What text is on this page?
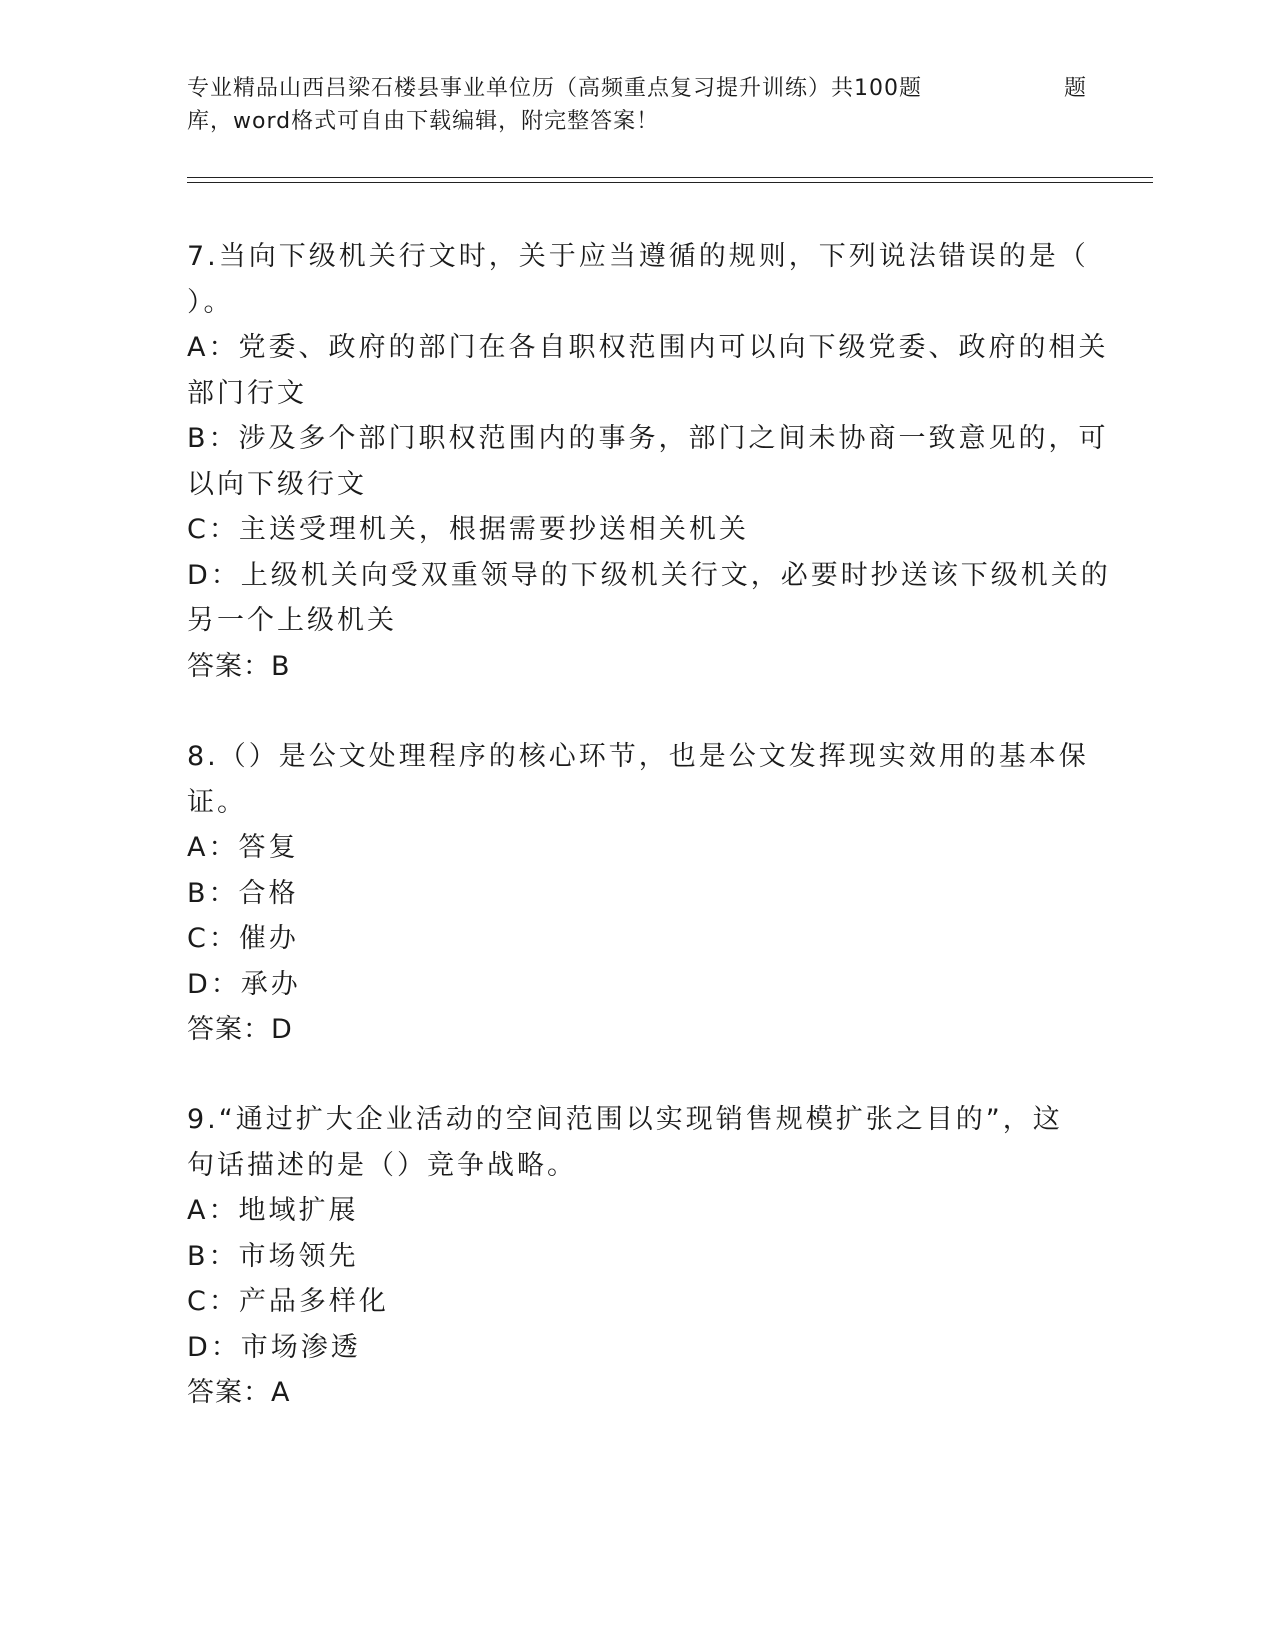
专业精品山西吕梁石楼县事业单位历（高频重点复习提升训练）共100题	题
库，word格式可自由下载编辑，附完整答案！

7.当向下级机关行文时，关于应当遵循的规则，下列说法错误的是（

）。

A：党委、政府的部门在各自职权范围内可以向下级党委、政府的相关

部门行文

B：涉及多个部门职权范围内的事务，部门之间未协商一致意见的，可

以向下级行文

C：主送受理机关，根据需要抄送相关机关

D：上级机关向受双重领导的下级机关行文，必要时抄送该下级机关的

另一个上级机关

答案：B

8.（）是公文处理程序的核心环节，也是公文发挥现实效用的基本保

证。

A：答复

B：合格

C：催办

D：承办

答案：D

9.“通过扩大企业活动的空间范围以实现销售规模扩张之目的”，这

句话描述的是（）竞争战略。

A：地域扩展

B：市场领先

C：产品多样化

D：市场渗透

答案：A
